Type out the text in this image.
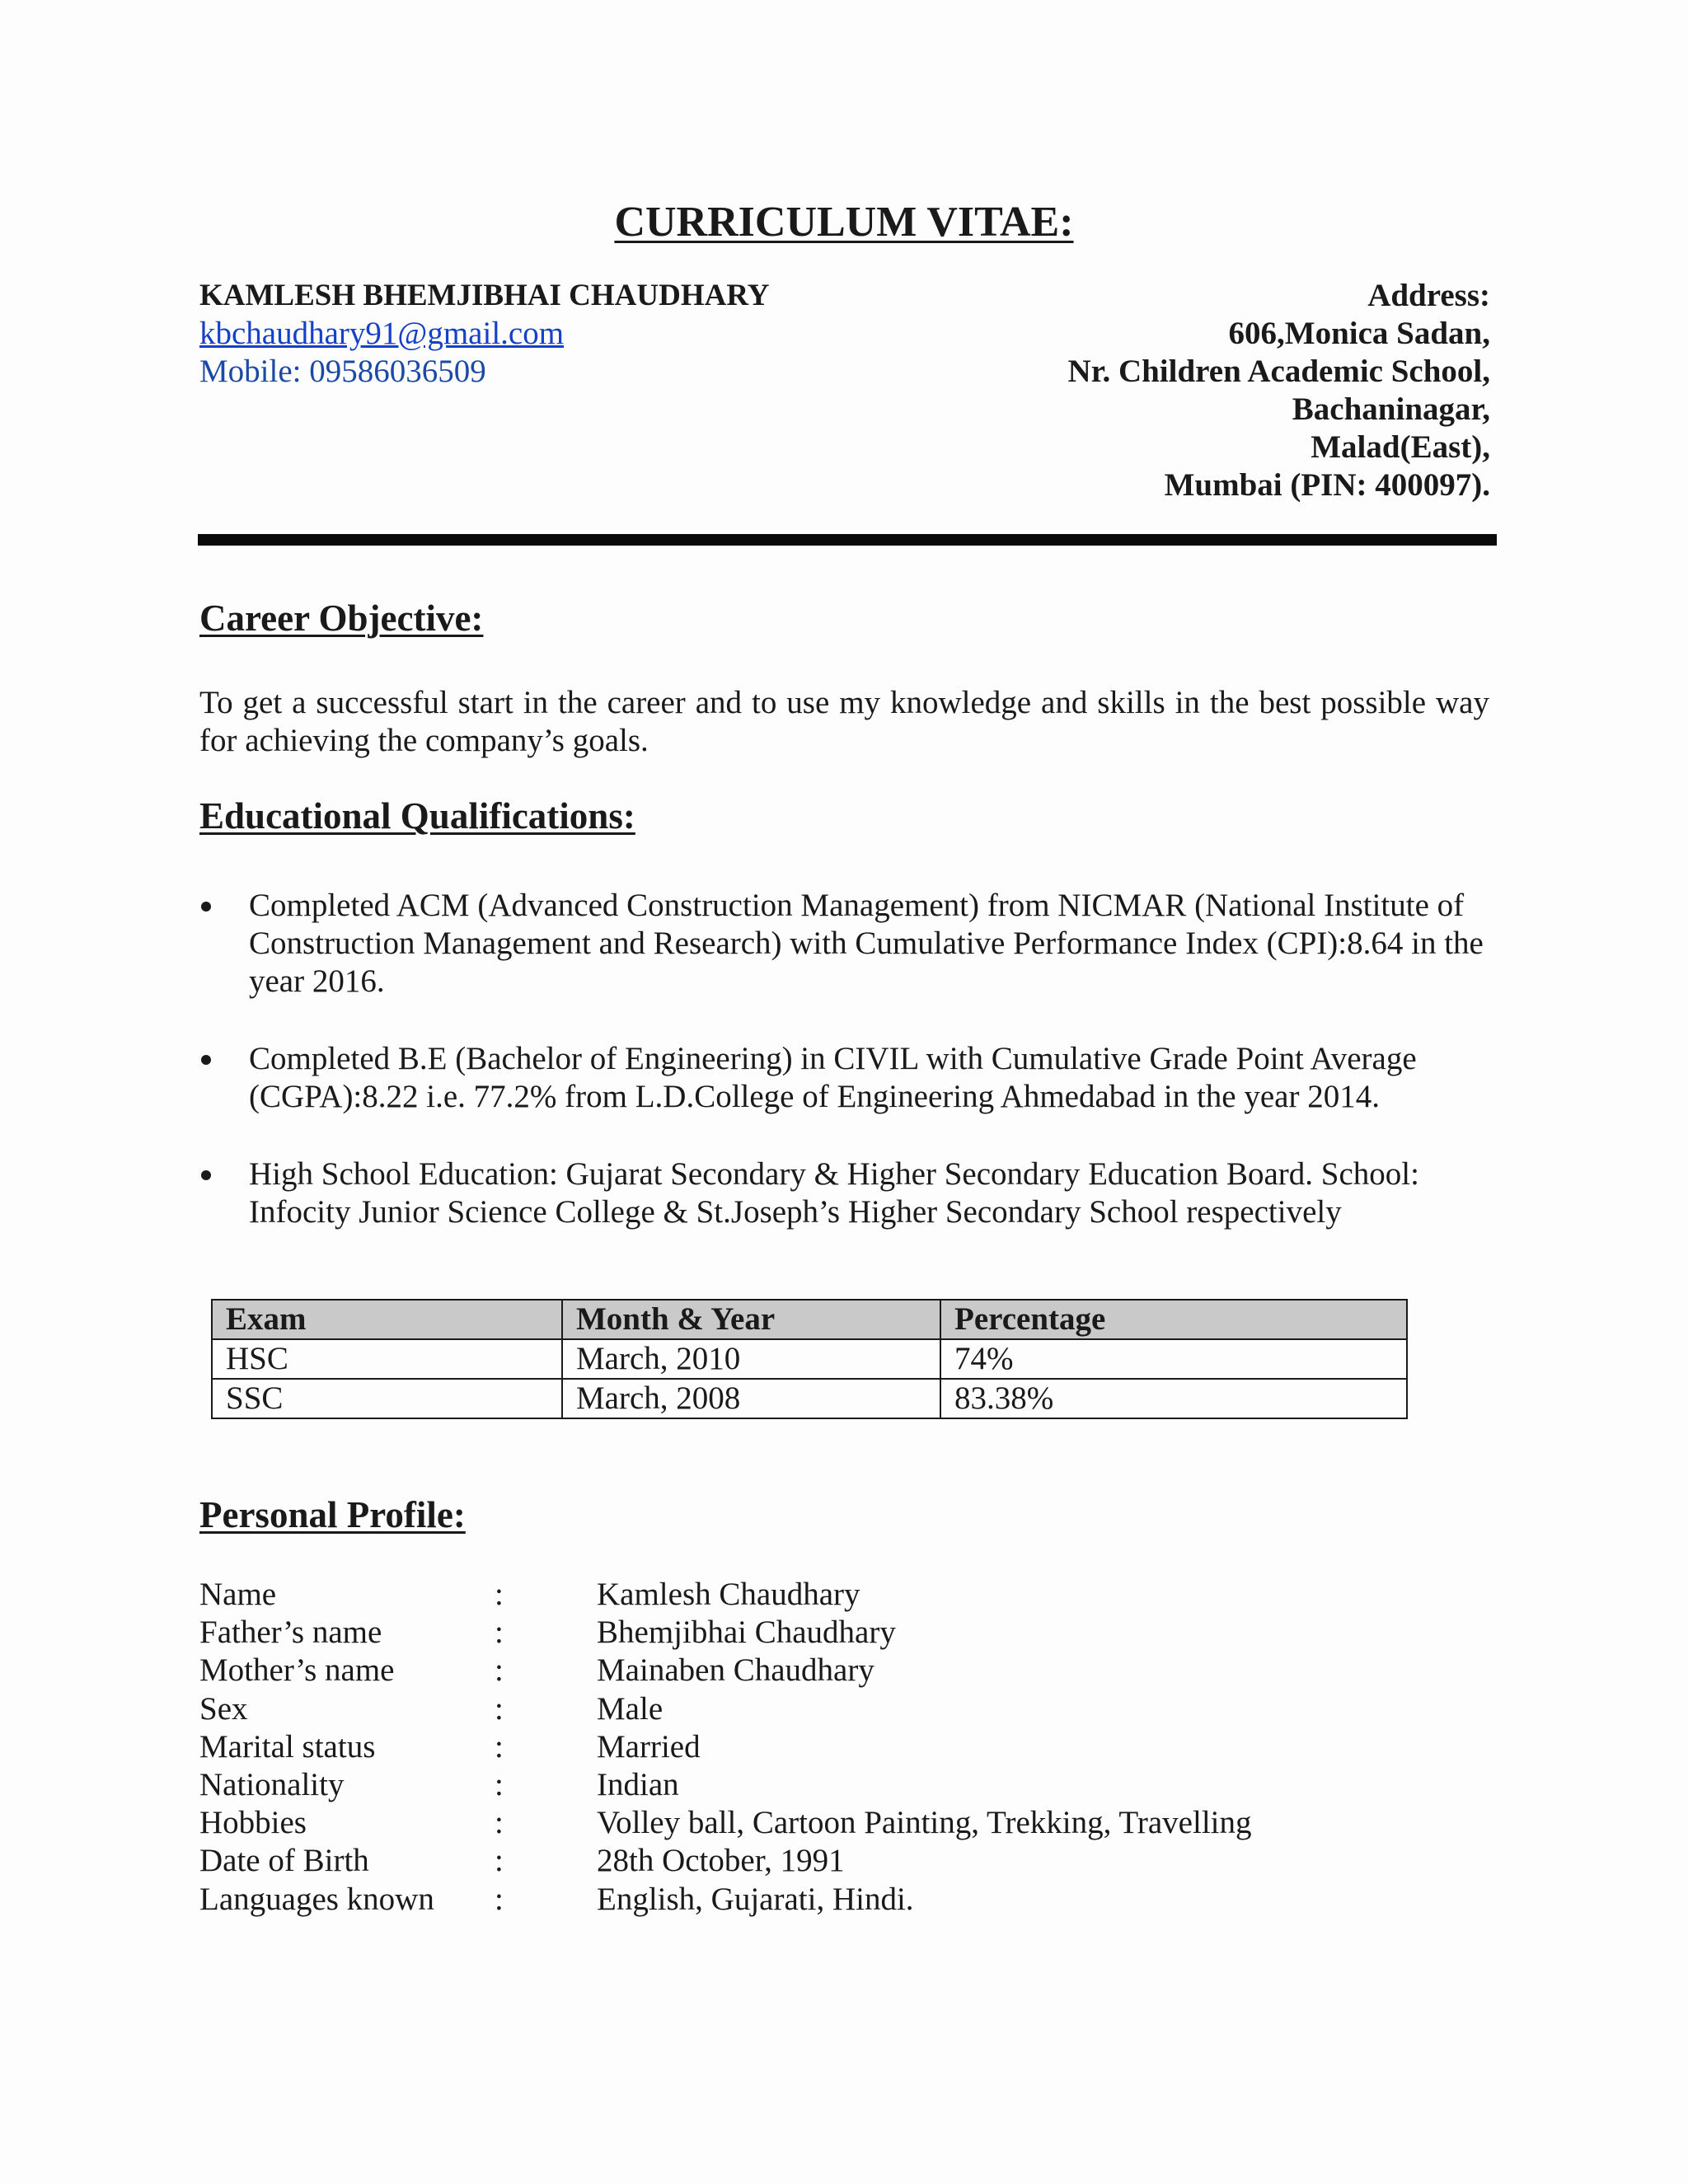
CURRICULUM VITAE:
KAMLESH BHEMJIBHAI CHAUDHARY
kbchaudhary91@gmail.com
Mobile: 09586036509
Address:
606,Monica Sadan,
Nr. Children Academic School,
Bachaninagar,
Malad(East),
Mumbai (PIN: 400097).
Career Objective:
To get a successful start in the career and to use my knowledge and skills in the best possible way for achieving the company’s goals.
Educational Qualifications:
Completed ACM (Advanced Construction Management) from NICMAR (National Institute of Construction Management and Research) with Cumulative Performance Index (CPI):8.64 in the year 2016.
Completed B.E (Bachelor of Engineering) in CIVIL with Cumulative Grade Point Average (CGPA):8.22 i.e. 77.2% from L.D.College of Engineering Ahmedabad in the year 2014.
High School Education: Gujarat Secondary & Higher Secondary Education Board. School: Infocity Junior Science College & St.Joseph’s Higher Secondary School respectively
Exam	Month & Year	Percentage
HSC	March, 2010	74%
SSC	March, 2008	83.38%
Personal Profile:
Name	:	Kamlesh Chaudhary
Father’s name	:	Bhemjibhai Chaudhary
Mother’s name	:	Mainaben Chaudhary
Sex	:	Male
Marital status	:	Married
Nationality	:	Indian
Hobbies	:	Volley ball, Cartoon Painting, Trekking, Travelling
Date of Birth	:	28th October, 1991
Languages known	:	English, Gujarati, Hindi.
